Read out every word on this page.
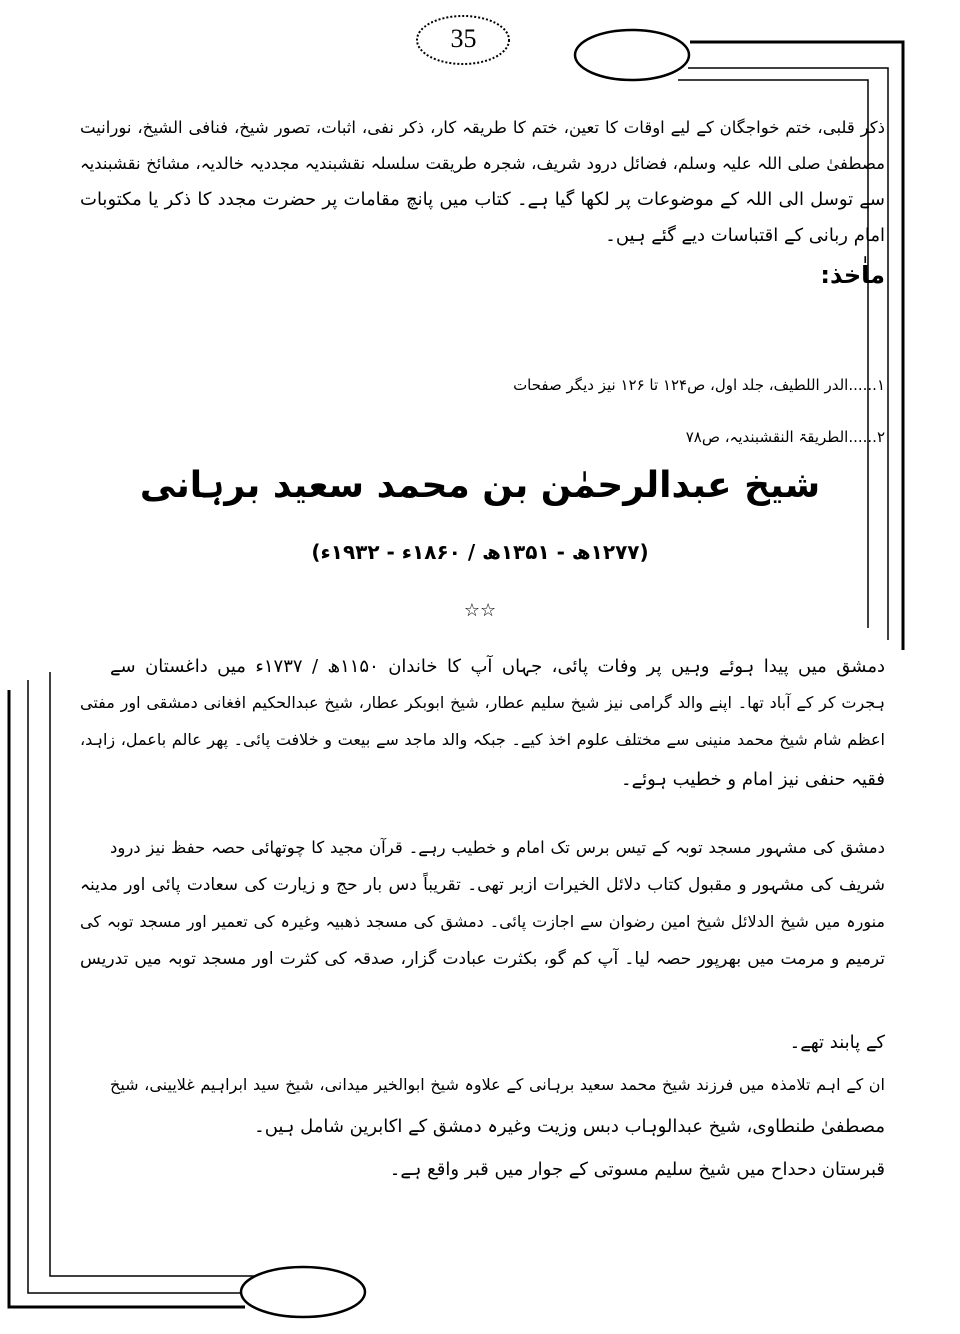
35
ذکر قلبی، ختم خواجگان کے لیے اوقات کا تعین، ختم کا طریقہ کار، ذکر نفی، اثبات، تصور شیخ، فنافی الشیخ، نورانیت
مصطفیٰ صلی اللہ علیہ وسلم، فضائل درود شریف، شجرہ طریقت سلسلہ نقشبندیہ مجددیہ خالدیہ، مشائخ نقشبندیہ
سے توسل الی اللہ کے موضوعات پر لکھا گیا ہے۔ کتاب میں پانچ مقامات پر حضرت مجدد کا ذکر یا مکتوبات
امام ربانی کے اقتباسات دیے گئے ہیں۔
ماٰخذ:
۱......الدر اللطیف، جلد اول، ص۱۲۴ تا ۱۲۶ نیز دیگر صفحات
۲......الطریقۃ النقشبندیہ، ص۷۸
شیخ عبدالرحمٰن بن محمد سعید برہانی
(۱۲۷۷ھ - ۱۳۵۱ھ / ۱۸۶۰ء - ۱۹۳۲ء)
☆☆
دمشق میں پیدا ہوئے وہیں پر وفات پائی، جہاں آپ کا خاندان ۱۱۵۰ھ / ۱۷۳۷ء میں داغستان سے
ہجرت کر کے آباد تھا۔ اپنے والد گرامی نیز شیخ سلیم عطار، شیخ ابوبکر عطار، شیخ عبدالحکیم افغانی دمشقی اور مفتی
اعظم شام شیخ محمد منینی سے مختلف علوم اخذ کیے۔ جبکہ والد ماجد سے بیعت و خلافت پائی۔ پھر عالم باعمل، زاہد،
فقیہ حنفی نیز امام و خطیب ہوئے۔
دمشق کی مشہور مسجد توبہ کے تیس برس تک امام و خطیب رہے۔ قرآن مجید کا چوتھائی حصہ حفظ نیز درود
شریف کی مشہور و مقبول کتاب دلائل الخیرات ازبر تھی۔ تقریباً دس بار حج و زیارت کی سعادت پائی اور مدینہ
منورہ میں شیخ الدلائل شیخ امین رضوان سے اجازت پائی۔ دمشق کی مسجد ذھبیہ وغیرہ کی تعمیر اور مسجد توبہ کی
ترمیم و مرمت میں بھرپور حصہ لیا۔ آپ کم گو، بکثرت عبادت گزار، صدقہ کی کثرت اور مسجد توبہ میں تدریس
کے پابند تھے۔
ان کے اہم تلامذہ میں فرزند شیخ محمد سعید برہانی کے علاوہ شیخ ابوالخیر میدانی، شیخ سید ابراہیم غلایینی، شیخ
مصطفیٰ طنطاوی، شیخ عبدالوہاب دبس وزیت وغیرہ دمشق کے اکابرین شامل ہیں۔
قبرستان دحداح میں شیخ سلیم مسوتی کے جوار میں قبر واقع ہے۔
